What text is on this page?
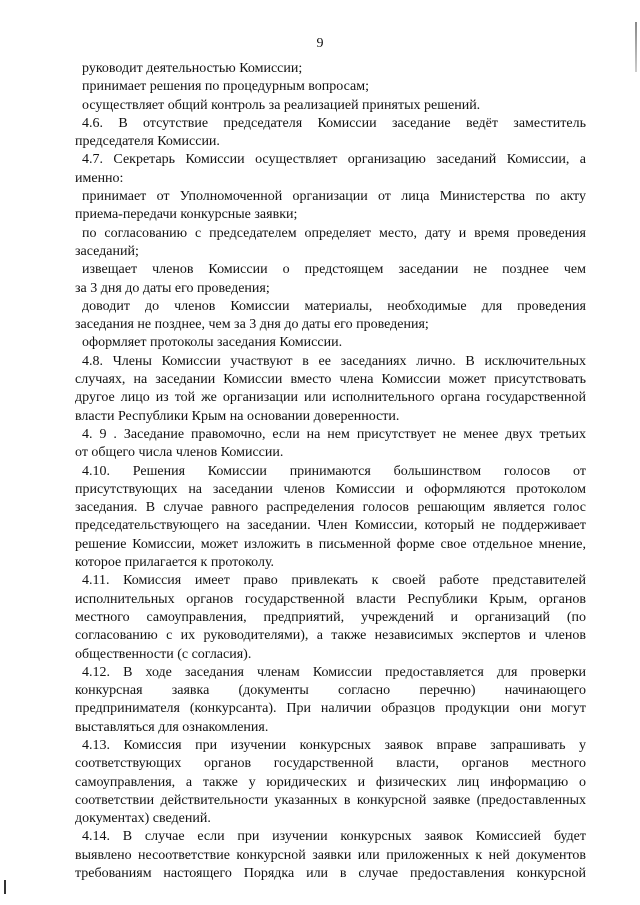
9
руководит деятельностью Комиссии;
принимает решения по процедурным вопросам;
осуществляет общий контроль за реализацией принятых решений.
4.6. В отсутствие председателя Комиссии заседание ведёт заместитель
председателя Комиссии.
4.7. Секретарь Комиссии осуществляет организацию заседаний Комиссии, а
именно:
принимает от Уполномоченной организации от лица Министерства по акту
приема-передачи конкурсные заявки;
по согласованию с председателем определяет место, дату и время проведения
заседаний;
извещает членов Комиссии о предстоящем заседании не позднее чем
за 3 дня до даты его проведения;
доводит до членов Комиссии материалы, необходимые для проведения
заседания не позднее, чем за 3 дня до даты его проведения;
оформляет протоколы заседания Комиссии.
4.8. Члены Комиссии участвуют в ее заседаниях лично. В исключительных
случаях, на заседании Комиссии вместо члена Комиссии может присутствовать
другое лицо из той же организации или исполнительного органа государственной
власти Республики Крым на основании доверенности.
4. 9 . Заседание правомочно, если на нем присутствует не менее двух третьих
от общего числа членов Комиссии.
4.10. Решения Комиссии принимаются большинством голосов от
присутствующих на заседании членов Комиссии и оформляются протоколом
заседания. В случае равного распределения голосов решающим является голос
председательствующего на заседании. Член Комиссии, который не поддерживает
решение Комиссии, может изложить в письменной форме свое отдельное мнение,
которое прилагается к протоколу.
4.11. Комиссия имеет право привлекать к своей работе представителей
исполнительных органов государственной власти Республики Крым, органов
местного самоуправления, предприятий, учреждений и организаций (по
согласованию с их руководителями), а также независимых экспертов и членов
общественности (с согласия).
4.12. В ходе заседания членам Комиссии предоставляется для проверки
конкурсная заявка (документы согласно перечню) начинающего
предпринимателя (конкурсанта). При наличии образцов продукции они могут
выставляться для ознакомления.
4.13. Комиссия при изучении конкурсных заявок вправе запрашивать у
соответствующих органов государственной власти, органов местного
самоуправления, а также у юридических и физических лиц информацию о
соответствии действительности указанных в конкурсной заявке (предоставленных
документах) сведений.
4.14. В случае если при изучении конкурсных заявок Комиссией будет
выявлено несоответствие конкурсной заявки или приложенных к ней документов
требованиям настоящего Порядка или в случае предоставления конкурсной
